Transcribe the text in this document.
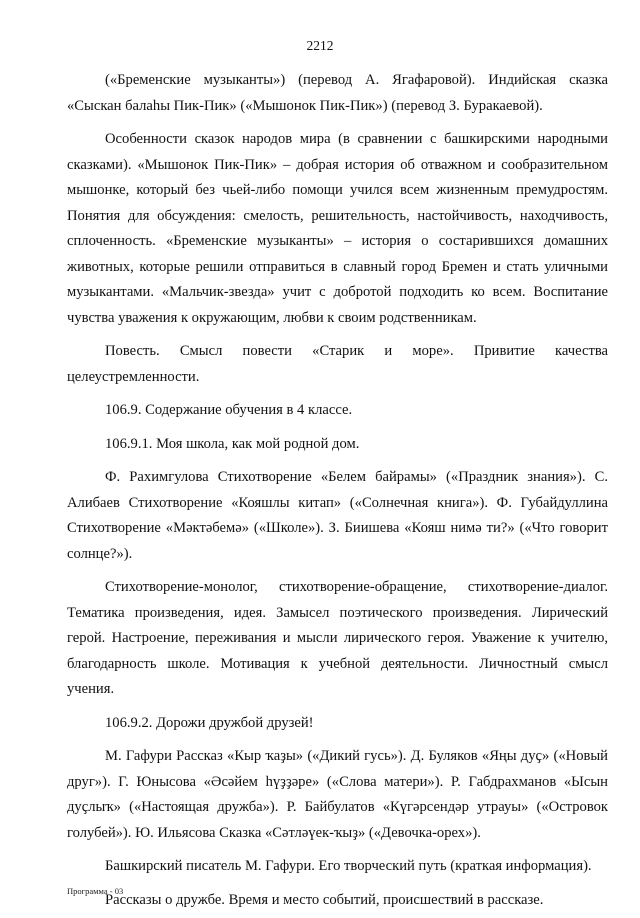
2212

(«Бременские музыканты») (перевод А. Ягафаровой). Индийская сказка «Сыскан балаһы Пик-Пик» («Мышонок Пик-Пик») (перевод З. Буракаевой).

Особенности сказок народов мира (в сравнении с башкирскими народными сказками). «Мышонок Пик-Пик» – добрая история об отважном и сообразительном мышонке, который без чьей-либо помощи учился всем жизненным премудростям. Понятия для обсуждения: смелость, решительность, настойчивость, находчивость, сплоченность. «Бременские музыканты» – история о состарившихся домашних животных, которые решили отправиться в славный город Бремен и стать уличными музыкантами. «Мальчик-звезда» учит с добротой подходить ко всем. Воспитание чувства уважения к окружающим, любви к своим родственникам.

Повесть. Смысл повести «Старик и море». Привитие качества целеустремленности.

106.9. Содержание обучения в 4 классе.

106.9.1. Моя школа, как мой родной дом.

Ф. Рахимгулова Стихотворение «Белем байрамы» («Праздник знания»). С. Алибаев Стихотворение «Кояшлы китап» («Солнечная книга»). Ф. Губайдуллина Стихотворение «Мәктәбемә» («Школе»). З. Биишева «Кояш нимә ти?» («Что говорит солнце?»).

Стихотворение-монолог, стихотворение-обращение, стихотворение-диалог. Тематика произведения, идея. Замысел поэтического произведения. Лирический герой. Настроение, переживания и мысли лирического героя. Уважение к учителю, благодарность школе. Мотивация к учебной деятельности. Личностный смысл учения.

106.9.2. Дорожи дружбой друзей!

М. Гафури Рассказ «Кыр ҡаҙы» («Дикий гусь»). Д. Буляков «Яңы дуҫ» («Новый друг»). Г. Юнысова «Әсәйем һүҙҙәре» («Слова матери»). Р. Габдрахманов «Ысын дуҫлыҡ» («Настоящая дружба»). Р. Байбулатов «Күгәрсендәр утрауы» («Островок голубей»). Ю. Ильясова Сказка «Сәтләүек-ҡыҙ» («Девочка-орех»).

Башкирский писатель М. Гафури. Его творческий путь (краткая информация).

Рассказы о дружбе. Время и место событий, происшествий в рассказе.

Программа - 03
